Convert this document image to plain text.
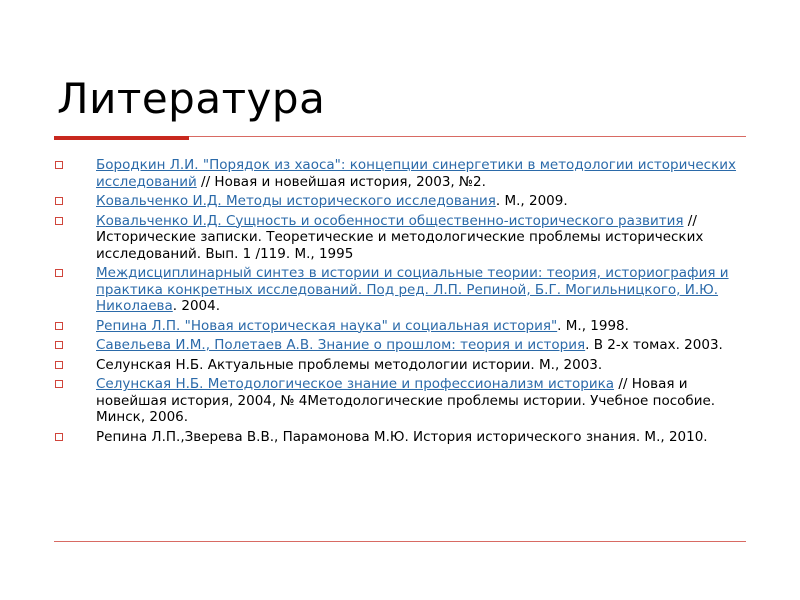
Литература
Бородкин Л.И. "Порядок из хаоса": концепции синергетики в методологии исторических исследований // Новая и новейшая история, 2003, №2.
Ковальченко И.Д. Методы исторического исследования. М., 2009.
Ковальченко И.Д. Сущность и особенности общественно-исторического развития // Исторические записки. Теоретические и методологические проблемы исторических исследований. Вып. 1 /119. М., 1995
Междисциплинарный синтез в истории и социальные теории: теория, историография и практика конкретных исследований. Под ред. Л.П. Репиной, Б.Г. Могильницкого, И.Ю. Николаева. 2004.
Репина Л.П. "Новая историческая наука" и социальная история". М., 1998.
Савельева И.М., Полетаев А.В. Знание о прошлом: теория и история. В 2-х томах. 2003.
Селунская Н.Б. Актуальные проблемы методологии истории. М., 2003.
Селунская Н.Б. Методологическое знание и профессионализм историка // Новая и новейшая история, 2004, № 4Методологические проблемы истории. Учебное пособие. Минск, 2006.
Репина Л.П.,Зверева В.В., Парамонова М.Ю. История исторического знания. М., 2010.
